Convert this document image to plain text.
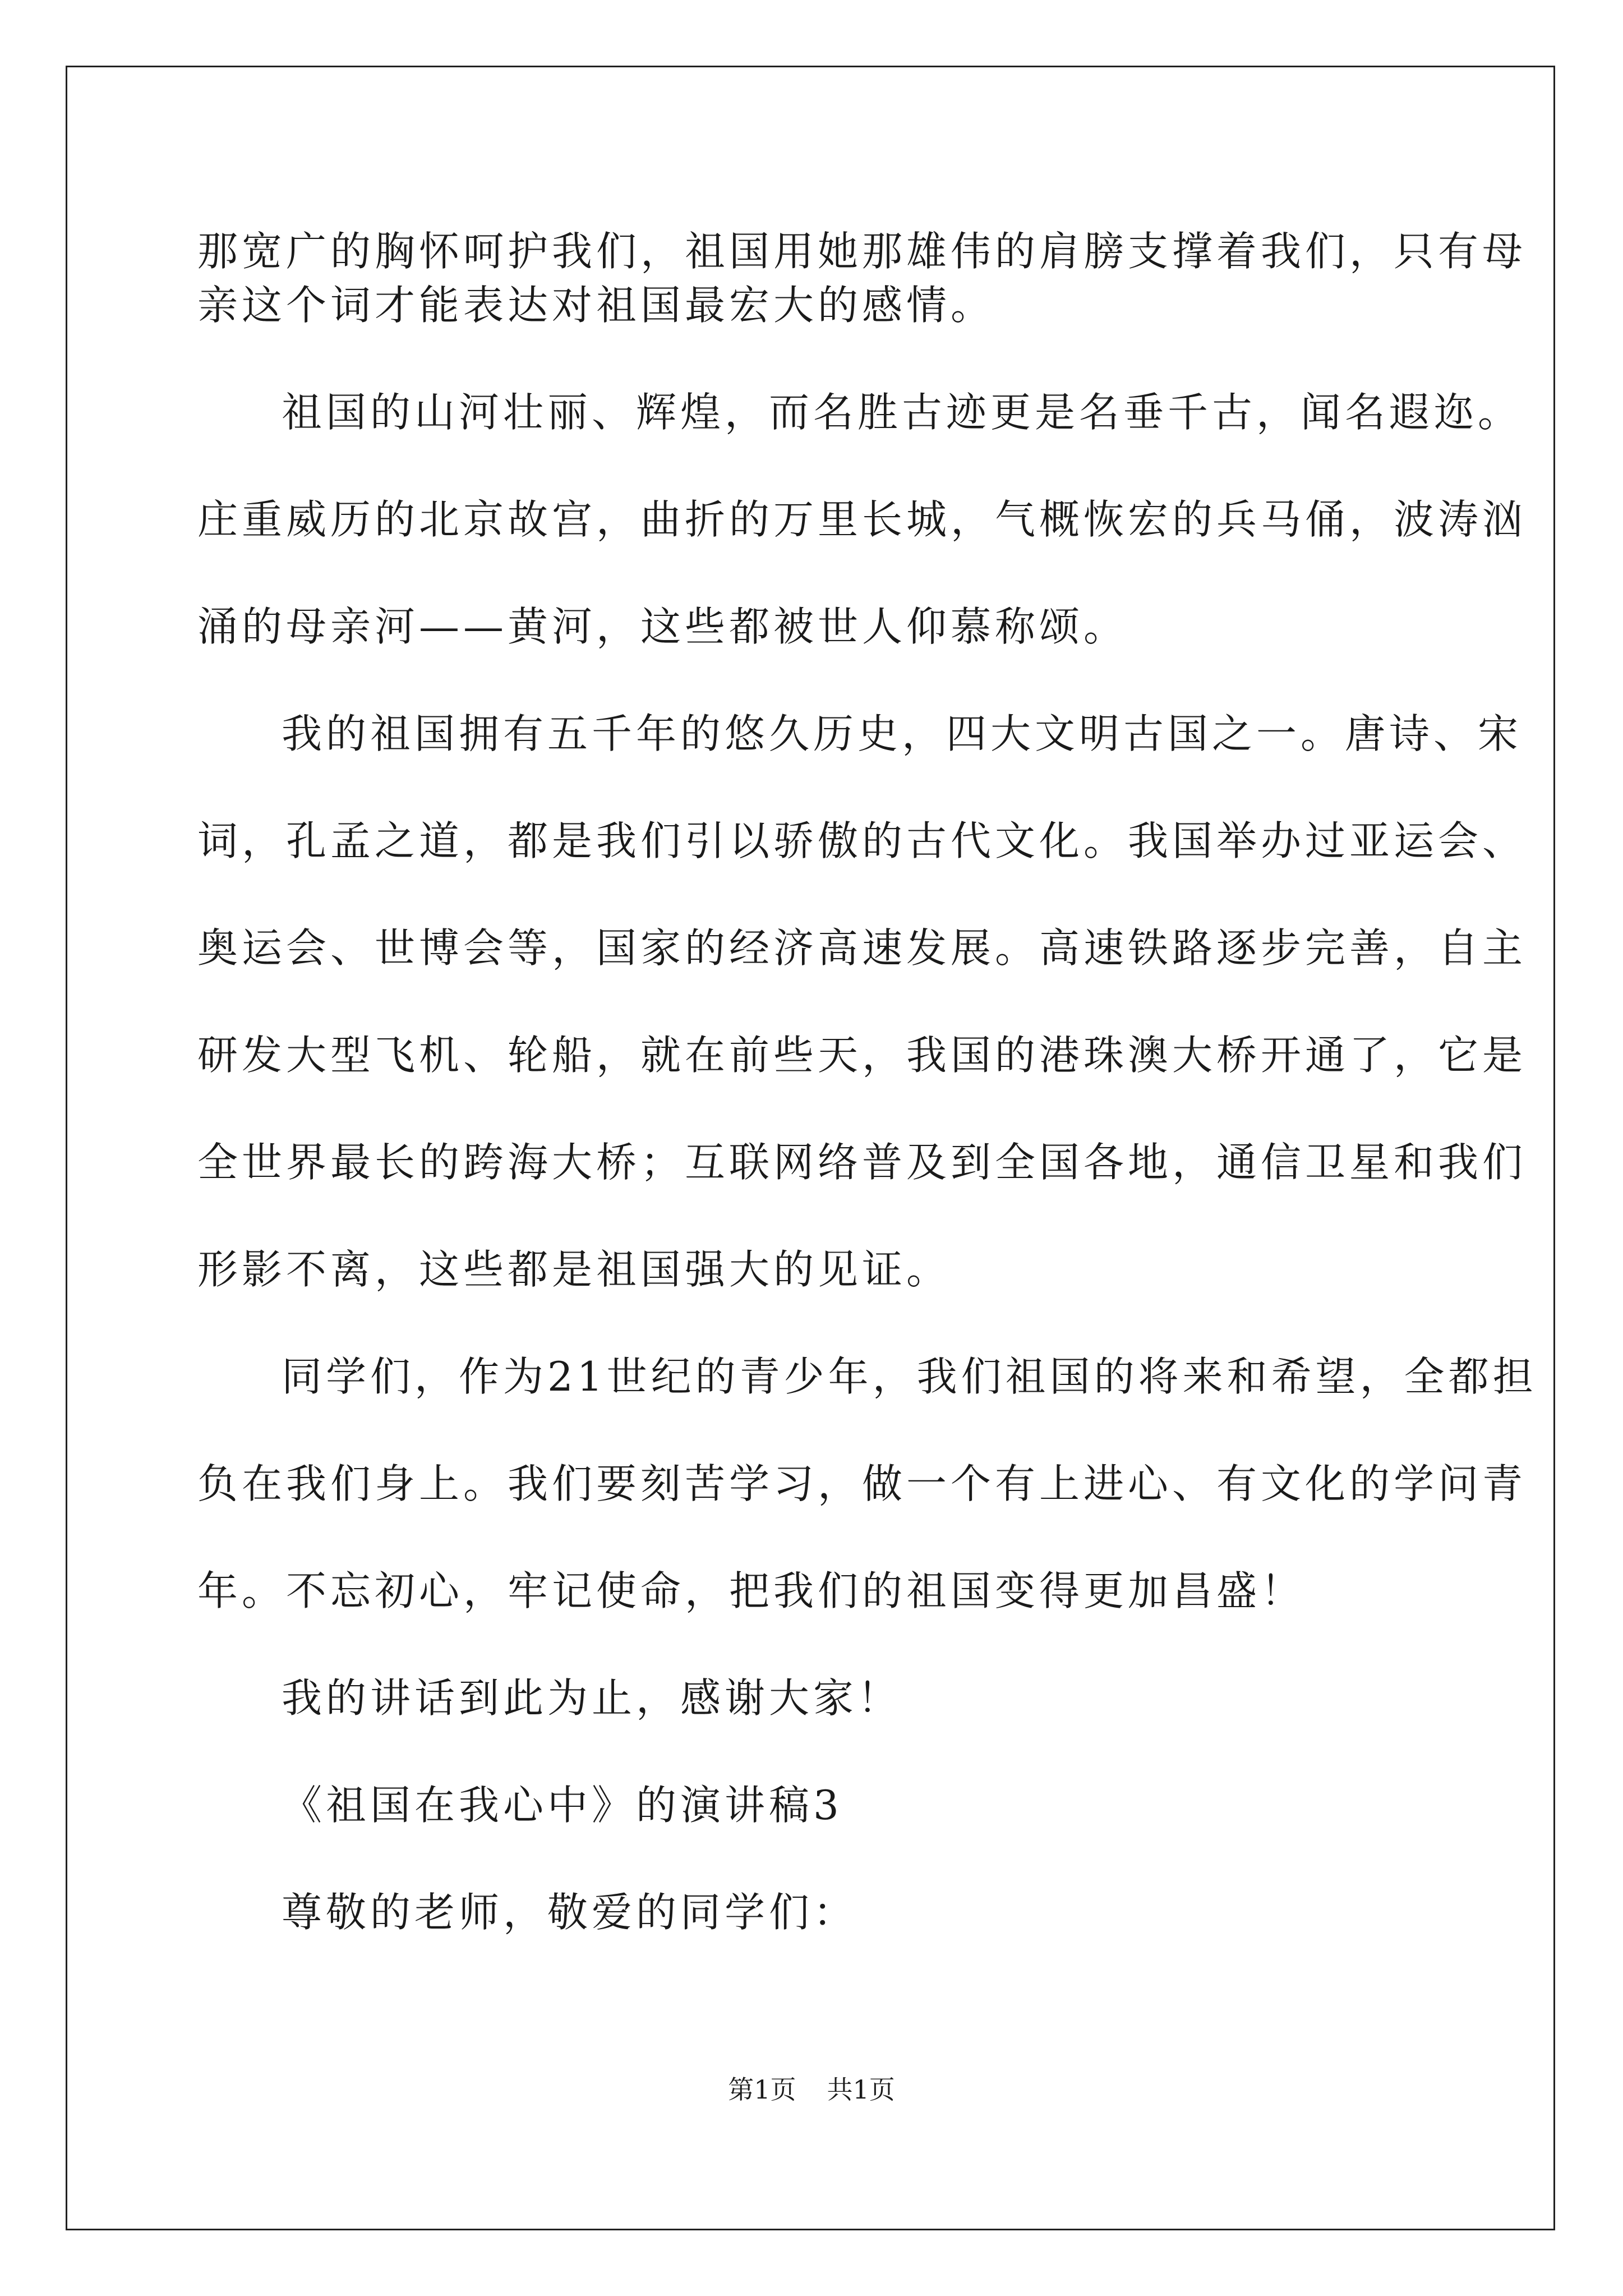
那宽广的胸怀呵护我们，祖国用她那雄伟的肩膀支撑着我们，只有母

亲这个词才能表达对祖国最宏大的感情。

祖国的山河壮丽、辉煌，而名胜古迹更是名垂千古，闻名遐迩。

庄重威历的北京故宫，曲折的万里长城，气概恢宏的兵马俑，波涛汹

涌的母亲河——黄河，这些都被世人仰慕称颂。

我的祖国拥有五千年的悠久历史，四大文明古国之一。唐诗、宋

词，孔孟之道，都是我们引以骄傲的古代文化。我国举办过亚运会、

奥运会、世博会等，国家的经济高速发展。高速铁路逐步完善，自主

研发大型飞机、轮船，就在前些天，我国的港珠澳大桥开通了，它是

全世界最长的跨海大桥；互联网络普及到全国各地，通信卫星和我们

形影不离，这些都是祖国强大的见证。

同学们，作为21世纪的青少年，我们祖国的将来和希望，全都担

负在我们身上。我们要刻苦学习，做一个有上进心、有文化的学问青

年。不忘初心，牢记使命，把我们的祖国变得更加昌盛！

我的讲话到此为止，感谢大家！

《祖国在我心中》的演讲稿3

尊敬的老师，敬爱的同学们：

第1页 共1页
